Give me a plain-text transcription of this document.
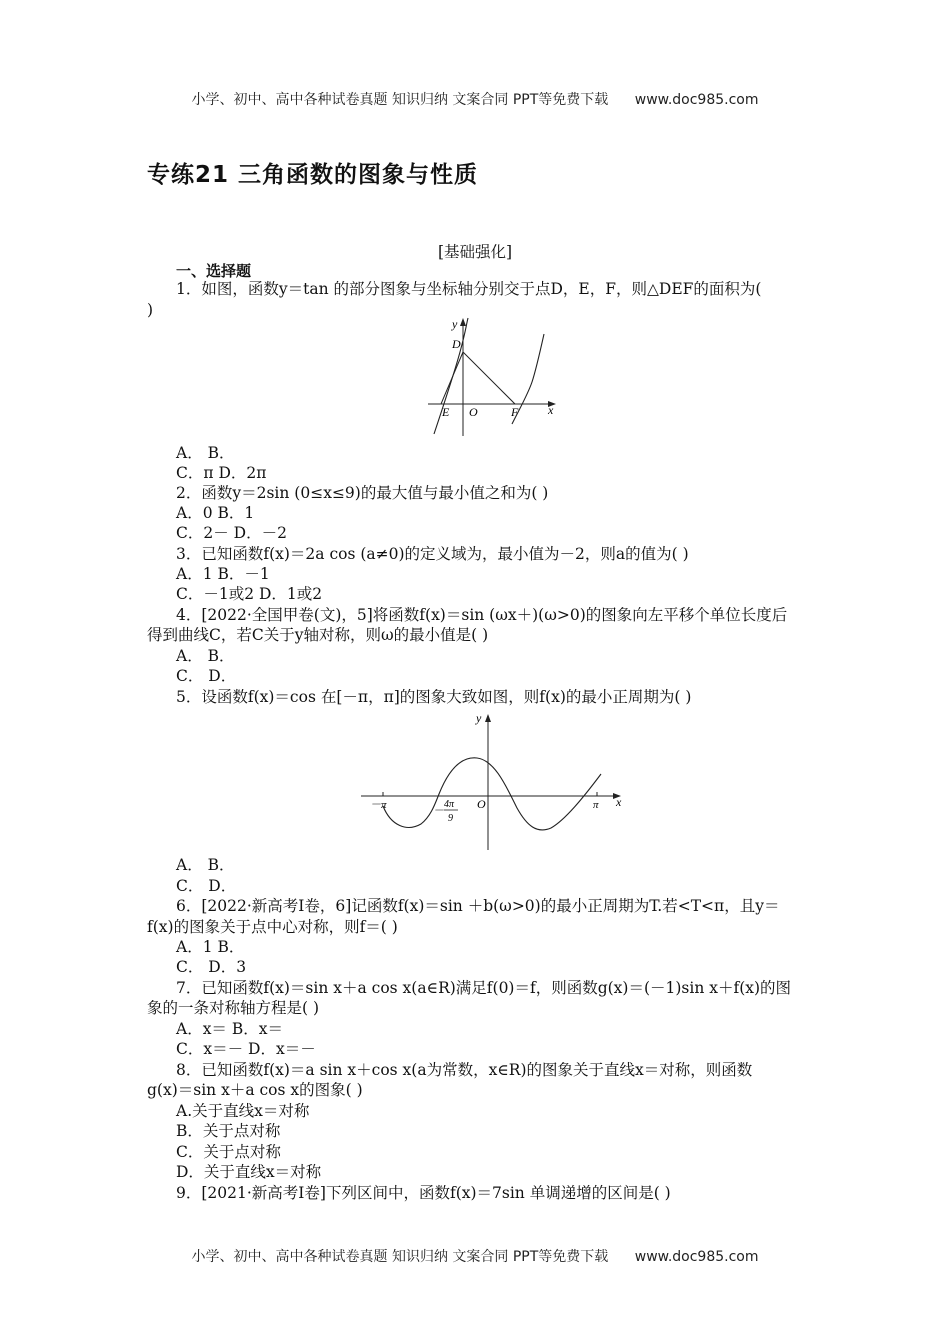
小学、初中、高中各种试卷真题 知识归纳 文案合同 PPT等免费下载 www.doc985.com
专练21 三角函数的图象与性质
[基础强化]
一、选择题
1．如图，函数y＝tan 的部分图象与坐标轴分别交于点D，E，F，则△DEF的面积为(
)
y
x
D
E O	F
A． B．
C．π D．2π
2．函数y＝2sin (0≤x≤9)的最大值与最小值之和为( )
A．0 B．1
C．2－ D．－2
3．已知函数f(x)＝2a cos (a≠0)的定义域为，最小值为－2，则a的值为( )
A．1 B．－1
C．－1或2 D．1或2
4．[2022·全国甲卷(文)，5]将函数f(x)＝sin (ωx＋)(ω>0)的图象向左平移个单位长度后
得到曲线C，若C关于y轴对称，则ω的最小值是( )
A． B．
C． D．
5．设函数f(x)＝cos 在[－π，π]的图象大致如图，则f(x)的最小正周期为( )
y
x
O
－π	π
－
4π
9
A． B．
C． D．
6．[2022·新高考Ⅰ卷，6]记函数f(x)＝sin ＋b(ω>0)的最小正周期为T.若<T<π，且y＝
f(x)的图象关于点中心对称，则f＝( )
A．1 B．
C． D．3
7．已知函数f(x)＝sin x＋a cos x(a∈R)满足f(0)＝f，则函数g(x)＝(－1)sin x＋f(x)的图
象的一条对称轴方程是( )
A．x＝ B．x＝
C．x＝－ D．x＝－
8．已知函数f(x)＝a sin x＋cos x(a为常数，x∈R)的图象关于直线x＝对称，则函数
g(x)＝sin x＋a cos x的图象( )
A.关于直线x＝对称
B．关于点对称
C．关于点对称
D．关于直线x＝对称
9．[2021·新高考Ⅰ卷]下列区间中，函数f(x)＝7sin 单调递增的区间是( )
小学、初中、高中各种试卷真题 知识归纳 文案合同 PPT等免费下载 www.doc985.com
